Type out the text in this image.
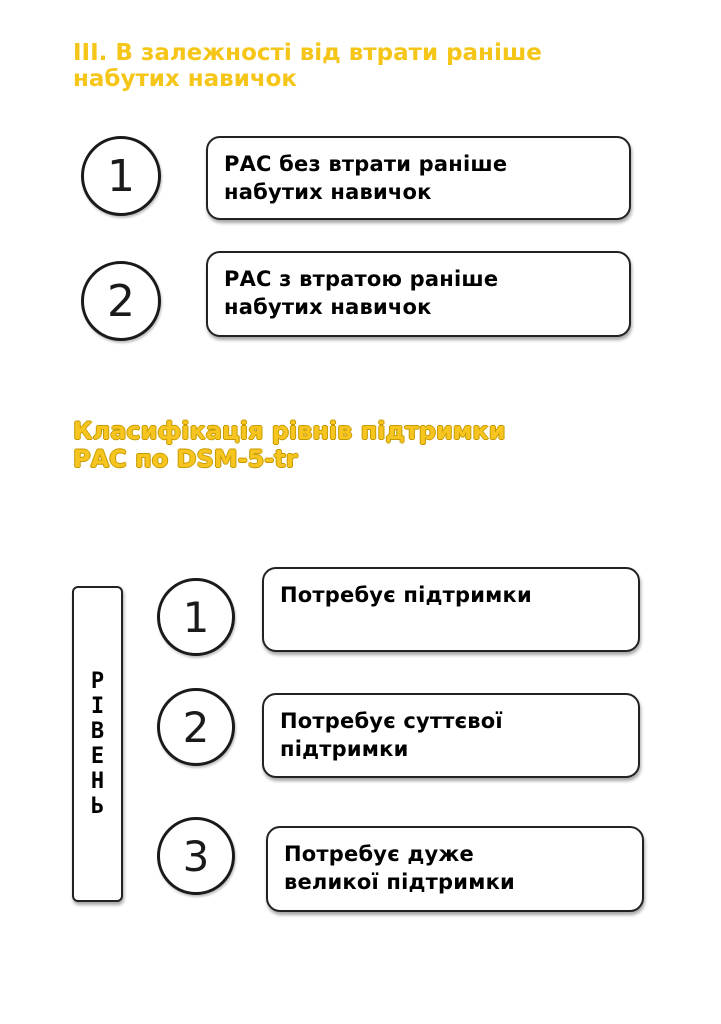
ІІІ. В залежності від втрати раніше
набутих навичок
1	РАС без втрати раніше
набутих навичок
2	РАС з втратою раніше
набутих навичок
Класифікація рівнів підтримки
РАС по DSM-5-tr
Р
І
В
Е
Н
Ь
1	Потребує підтримки
2	Потребує суттєвої
підтримки
3	Потребує дуже
великої підтримки
